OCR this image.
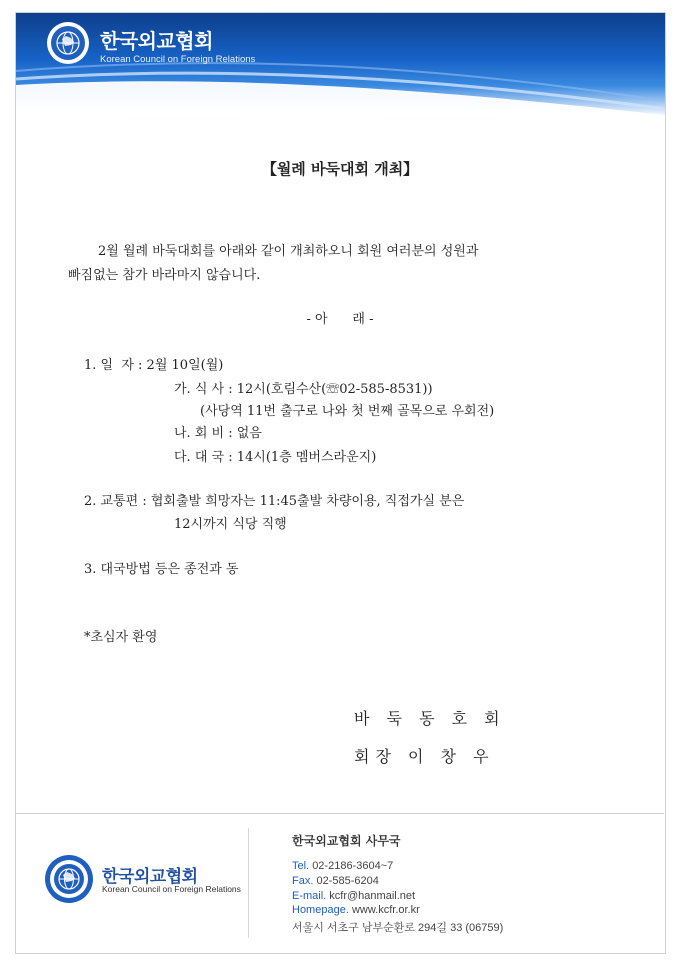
한국외교협회
Korean Council on Foreign Relations
【월례 바둑대회 개최】
2월 월례 바둑대회를 아래와 같이 개최하오니 회원 여러분의 성원과
빠짐없는 참가 바라마지 않습니다.
- 아      래 -
1. 일  자 : 2월 10일(월)
가. 식 사 : 12시(호림수산(☏02-585-8531))
(사당역 11번 출구로 나와 첫 번째 골목으로 우회전)
나. 회 비 : 없음
다. 대 국 : 14시(1층 멤버스라운지)
2. 교통편 : 협회출발 희망자는 11:45출발 차량이용, 직접가실 분은
12시까지 식당 직행
3. 대국방법 등은 종전과 동
*초심자 환영
바 둑 동 호 회
회장 이 창 우
한국외교협회
Korean Council on Foreign Relations
한국외교협회 사무국
Tel. 02-2186-3604~7
Fax. 02-585-6204
E-mail. kcfr@hanmail.net
Homepage. www.kcfr.or.kr
서울시 서초구 남부순환로 294길 33 (06759)
